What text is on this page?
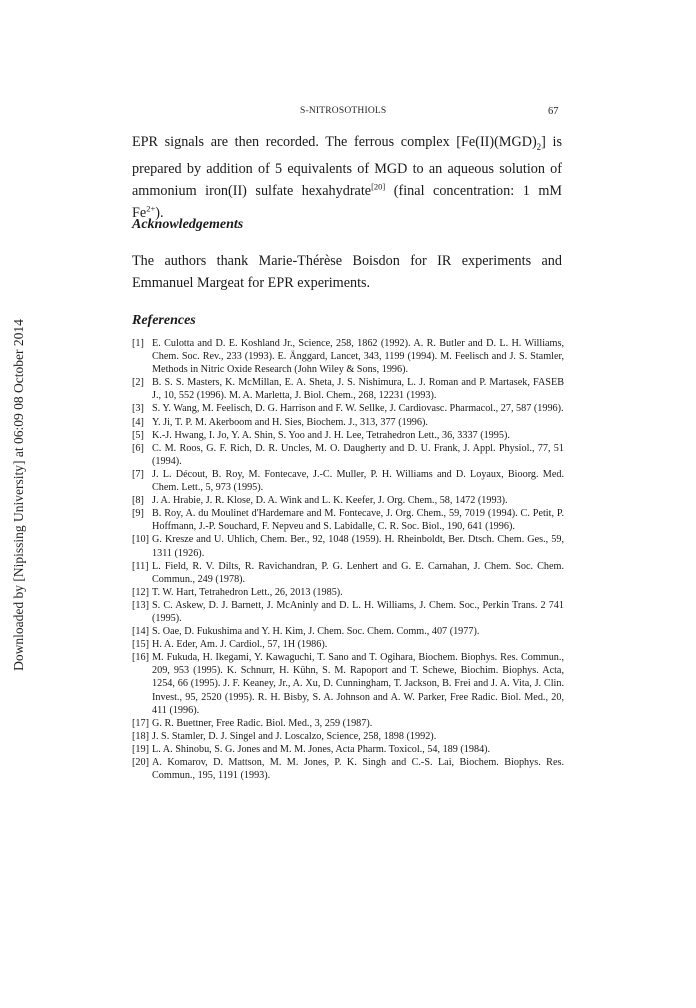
Downloaded by [Nipissing University] at 06:09 08 October 2014
S-NITROSOTHIOLS	67

EPR signals are then recorded. The ferrous complex $[Fe(II)(MGD)_2]$ is prepared by addition of 5 equivalents of MGD to an aqueous solution of ammonium iron(II) sulfate hexahydrate[20] (final concentration: 1 mM $Fe^{2+}$).

Acknowledgements

The authors thank Marie-Thérèse Boisdon for IR experiments and Emmanuel Margeat for EPR experiments.

References
[1] E. Culotta and D. E. Koshland Jr., Science, 258, 1862 (1992). A. R. Butler and D. L. H. Williams, Chem. Soc. Rev., 233 (1993). E. Änggard, Lancet, 343, 1199 (1994). M. Feelisch and J. S. Stamler, Methods in Nitric Oxide Research (John Wiley & Sons, 1996).
[2] B. S. S. Masters, K. McMillan, E. A. Sheta, J. S. Nishimura, L. J. Roman and P. Martasek, FASEB J., 10, 552 (1996). M. A. Marletta, J. Biol. Chem., 268, 12231 (1993).
[3] S. Y. Wang, M. Feelisch, D. G. Harrison and F. W. Sellke, J. Cardiovasc. Pharmacol., 27, 587 (1996).
[4] Y. Ji, T. P. M. Akerboom and H. Sies, Biochem. J., 313, 377 (1996).
[5] K.-J. Hwang, I. Jo, Y. A. Shin, S. Yoo and J. H. Lee, Tetrahedron Lett., 36, 3337 (1995).
[6] C. M. Roos, G. F. Rich, D. R. Uncles, M. O. Daugherty and D. U. Frank, J. Appl. Physiol., 77, 51 (1994).
[7] J. L. Décout, B. Roy, M. Fontecave, J.-C. Muller, P. H. Williams and D. Loyaux, Bioorg. Med. Chem. Lett., 5, 973 (1995).
[8] J. A. Hrabie, J. R. Klose, D. A. Wink and L. K. Keefer, J. Org. Chem., 58, 1472 (1993).
[9] B. Roy, A. du Moulinet d'Hardemare and M. Fontecave, J. Org. Chem., 59, 7019 (1994). C. Petit, P. Hoffmann, J.-P. Souchard, F. Nepveu and S. Labidalle, C. R. Soc. Biol., 190, 641 (1996).
[10] G. Kresze and U. Uhlich, Chem. Ber., 92, 1048 (1959). H. Rheinboldt, Ber. Dtsch. Chem. Ges., 59, 1311 (1926).
[11] L. Field, R. V. Dilts, R. Ravichandran, P. G. Lenhert and G. E. Carnahan, J. Chem. Soc. Chem. Commun., 249 (1978).
[12] T. W. Hart, Tetrahedron Lett., 26, 2013 (1985).
[13] S. C. Askew, D. J. Barnett, J. McAninly and D. L. H. Williams, J. Chem. Soc., Perkin Trans. 2 741 (1995).
[14] S. Oae, D. Fukushima and Y. H. Kim, J. Chem. Soc. Chem. Comm., 407 (1977).
[15] H. A. Eder, Am. J. Cardiol., 57, 1H (1986).
[16] M. Fukuda, H. Ikegami, Y. Kawaguchi, T. Sano and T. Ogihara, Biochem. Biophys. Res. Commun., 209, 953 (1995). K. Schnurr, H. Kühn, S. M. Rapoport and T. Schewe, Biochim. Biophys. Acta, 1254, 66 (1995). J. F. Keaney, Jr., A. Xu, D. Cunningham, T. Jackson, B. Frei and J. A. Vita, J. Clin. Invest., 95, 2520 (1995). R. H. Bisby, S. A. Johnson and A. W. Parker, Free Radic. Biol. Med., 20, 411 (1996).
[17] G. R. Buettner, Free Radic. Biol. Med., 3, 259 (1987).
[18] J. S. Stamler, D. J. Singel and J. Loscalzo, Science, 258, 1898 (1992).
[19] L. A. Shinobu, S. G. Jones and M. M. Jones, Acta Pharm. Toxicol., 54, 189 (1984).
[20] A. Komarov, D. Mattson, M. M. Jones, P. K. Singh and C.-S. Lai, Biochem. Biophys. Res. Commun., 195, 1191 (1993).
